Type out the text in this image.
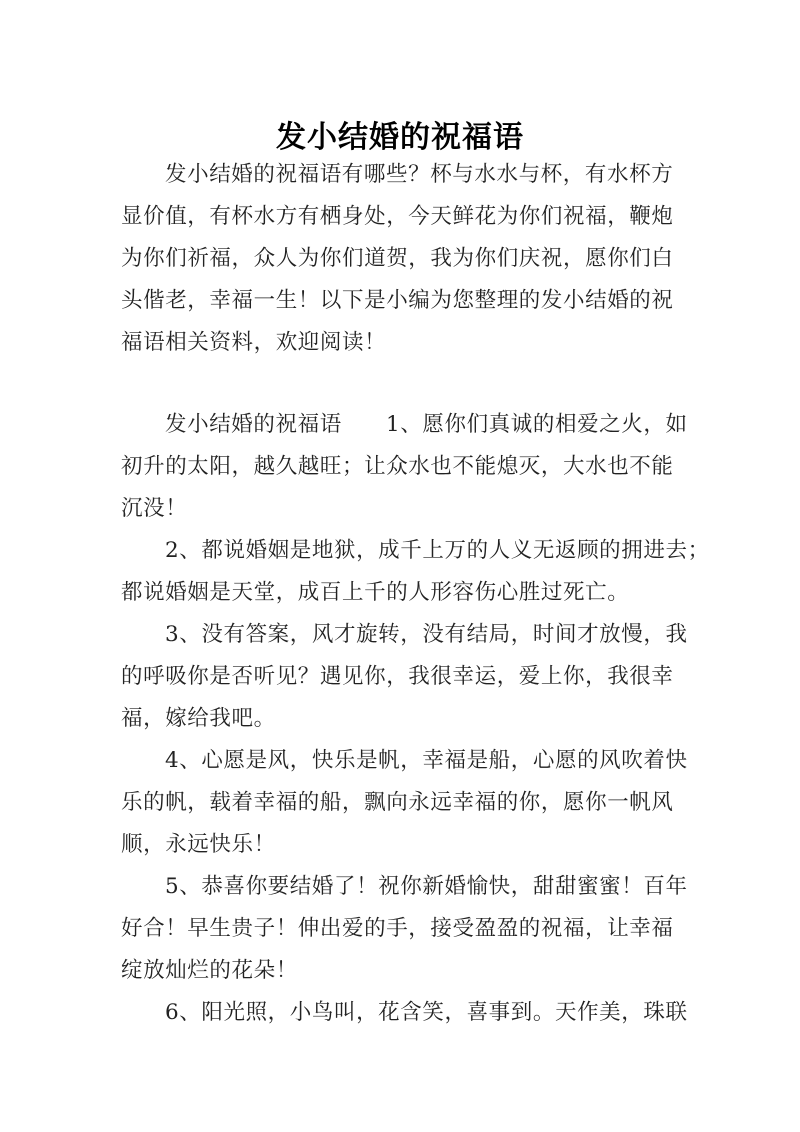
发小结婚的祝福语
发小结婚的祝福语有哪些？杯与水水与杯，有水杯方
显价值，有杯水方有栖身处，今天鲜花为你们祝福，鞭炮
为你们祈福，众人为你们道贺，我为你们庆祝，愿你们白
头偕老，幸福一生！以下是小编为您整理的发小结婚的祝
福语相关资料，欢迎阅读！
发小结婚的祝福语　　1、愿你们真诚的相爱之火，如
初升的太阳，越久越旺；让众水也不能熄灭，大水也不能
沉没！
2、都说婚姻是地狱，成千上万的人义无返顾的拥进去；
都说婚姻是天堂，成百上千的人形容伤心胜过死亡。
3、没有答案，风才旋转，没有结局，时间才放慢，我
的呼吸你是否听见？遇见你，我很幸运，爱上你，我很幸
福，嫁给我吧。
4、心愿是风，快乐是帆，幸福是船，心愿的风吹着快
乐的帆，载着幸福的船，飘向永远幸福的你，愿你一帆风
顺，永远快乐！
5、恭喜你要结婚了！祝你新婚愉快，甜甜蜜蜜！百年
好合！早生贵子！伸出爱的手，接受盈盈的祝福，让幸福
绽放灿烂的花朵！
6、阳光照，小鸟叫，花含笑，喜事到。天作美，珠联
